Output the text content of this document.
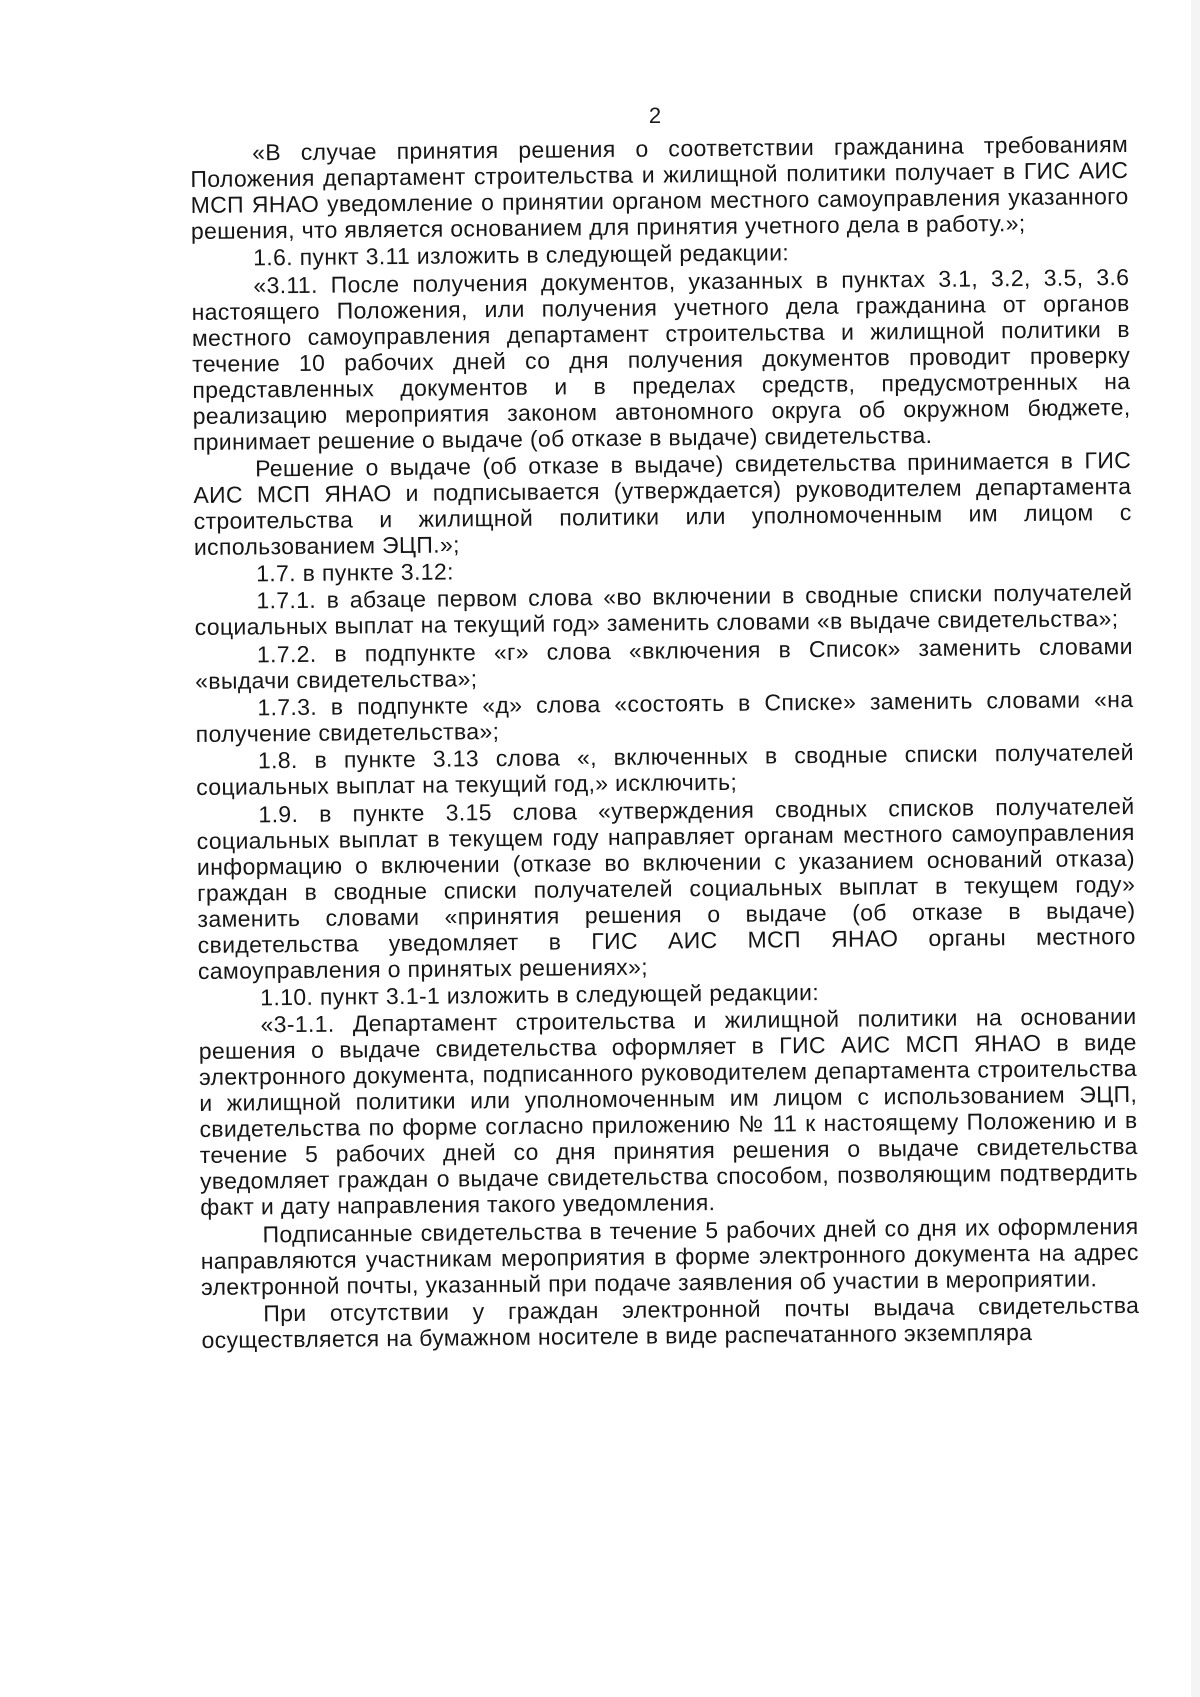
2

«В случае принятия решения о соответствии гражданина требованиям Положения департамент строительства и жилищной политики получает в ГИС АИС МСП ЯНАО уведомление о принятии органом местного самоуправления указанного решения, что является основанием для принятия учетного дела в работу.»;

1.6. пункт 3.11 изложить в следующей редакции:

«3.11. После получения документов, указанных в пунктах 3.1, 3.2, 3.5, 3.6 настоящего Положения, или получения учетного дела гражданина от органов местного самоуправления департамент строительства и жилищной политики в течение 10 рабочих дней со дня получения документов проводит проверку представленных документов и в пределах средств, предусмотренных на реализацию мероприятия законом автономного округа об окружном бюджете, принимает решение о выдаче (об отказе в выдаче) свидетельства.

Решение о выдаче (об отказе в выдаче) свидетельства принимается в ГИС АИС МСП ЯНАО и подписывается (утверждается) руководителем департамента строительства и жилищной политики или уполномоченным им лицом с использованием ЭЦП.»;

1.7. в пункте 3.12:

1.7.1. в абзаце первом слова «во включении в сводные списки получателей социальных выплат на текущий год» заменить словами «в выдаче свидетельства»;

1.7.2. в подпункте «г» слова «включения в Список» заменить словами «выдачи свидетельства»;

1.7.3. в подпункте «д» слова «состоять в Списке» заменить словами «на получение свидетельства»;

1.8. в пункте 3.13 слова «, включенных в сводные списки получателей социальных выплат на текущий год,» исключить;

1.9. в пункте 3.15 слова «утверждения сводных списков получателей социальных выплат в текущем году направляет органам местного самоуправления информацию о включении (отказе во включении с указанием оснований отказа) граждан в сводные списки получателей социальных выплат в текущем году» заменить словами «принятия решения о выдаче (об отказе в выдаче) свидетельства уведомляет в ГИС АИС МСП ЯНАО органы местного самоуправления о принятых решениях»;

1.10. пункт 3.1-1 изложить в следующей редакции:

«3-1.1. Департамент строительства и жилищной политики на основании решения о выдаче свидетельства оформляет в ГИС АИС МСП ЯНАО в виде электронного документа, подписанного руководителем департамента строительства и жилищной политики или уполномоченным им лицом с использованием ЭЦП, свидетельства по форме согласно приложению № 11 к настоящему Положению и в течение 5 рабочих дней со дня принятия решения о выдаче свидетельства уведомляет граждан о выдаче свидетельства способом, позволяющим подтвердить факт и дату направления такого уведомления.

Подписанные свидетельства в течение 5 рабочих дней со дня их оформления направляются участникам мероприятия в форме электронного документа на адрес электронной почты, указанный при подаче заявления об участии в мероприятии.

При отсутствии у граждан электронной почты выдача свидетельства осуществляется на бумажном носителе в виде распечатанного экземпляра
